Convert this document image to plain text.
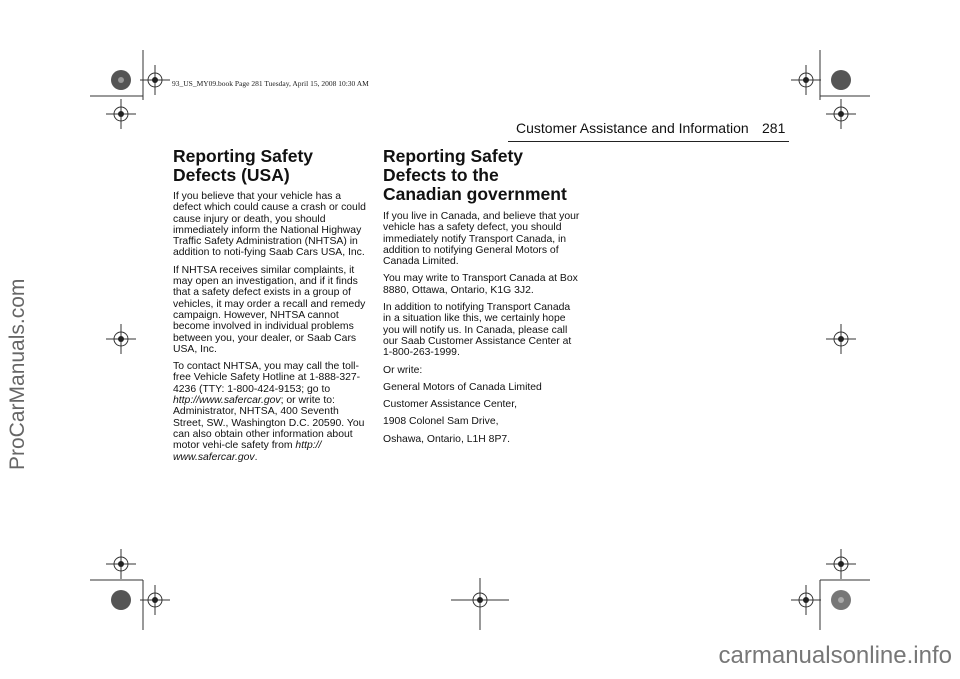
93_US_MY09.book Page 281 Tuesday, April 15, 2008 10:30 AM
ProCarManuals.com
carmanualsonline.info
Customer Assistance and Information 281
Reporting Safety Defects (USA)

If you believe that your vehicle has a defect which could cause a crash or could cause injury or death, you should immediately inform the National Highway Traffic Safety Administration (NHTSA) in addition to noti-fying Saab Cars USA, Inc.

If NHTSA receives similar complaints, it may open an investigation, and if it finds that a safety defect exists in a group of vehicles, it may order a recall and remedy campaign. However, NHTSA cannot become involved in individual problems between you, your dealer, or Saab Cars USA, Inc.

To contact NHTSA, you may call the toll-free Vehicle Safety Hotline at 1-888-327-4236 (TTY: 1-800-424-9153; go to http://www.safercar.gov; or write to: Administrator, NHTSA, 400 Seventh Street, SW., Washington D.C. 20590. You can also obtain other information about motor vehi-cle safety from http:// www.safercar.gov.

Reporting Safety Defects to the Canadian government

If you live in Canada, and believe that your vehicle has a safety defect, you should immediately notify Transport Canada, in addition to notifying General Motors of Canada Limited.

You may write to Transport Canada at Box 8880, Ottawa, Ontario, K1G 3J2.

In addition to notifying Transport Canada in a situation like this, we certainly hope you will notify us. In Canada, please call our Saab Customer Assistance Center at 1-800-263-1999.

Or write:

General Motors of Canada Limited

Customer Assistance Center,

1908 Colonel Sam Drive,

Oshawa, Ontario, L1H 8P7.
